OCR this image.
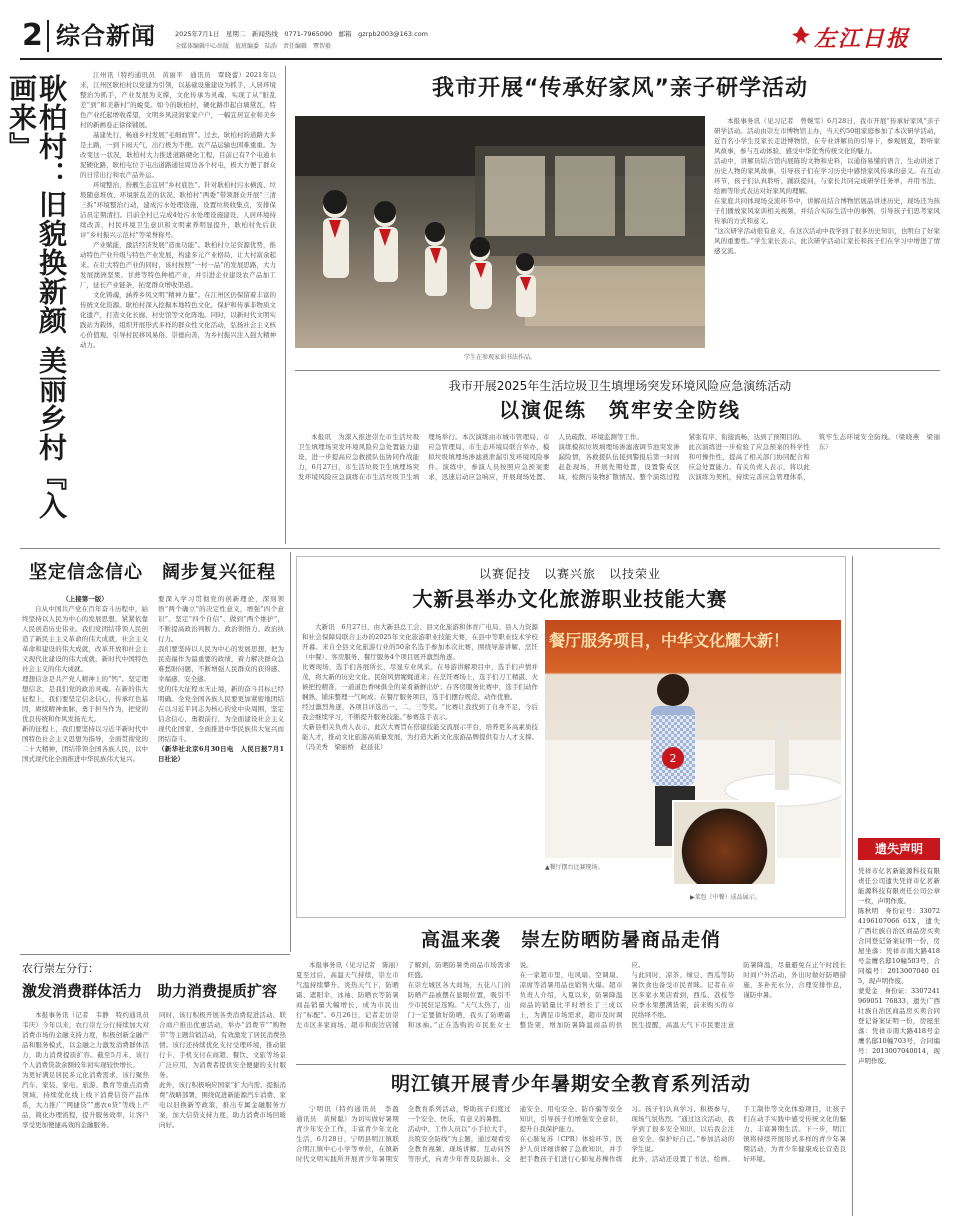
2 综合新闻	2025年7月1日　星期二　新闻热线　0771-7965090　邮箱　gzrpb2003@163.com
全媒体编辑中心出版　值班编委　陆浩　责任编辑　覃智毅	左江日报
耿柏村：旧貌换新颜 美丽乡村『入画来』	江州讯（特约通讯员　黄丽平　通讯员　覃晓蕾）2021年以来，江州区耿柏村以党建为引领，以基础设施建设为抓手，人居环境整治为抓手，产业发展为支撑，文化传承为灵魂，实现了从“脏乱差”到“和美新村”的蜕变。如今的耿柏村，硬化路串起白墙黛瓦，特色产业托起增收希望，文明乡风浸润家家户户，一幅宜居宜业和美乡村的新画卷正徐徐铺展。

基建先行，畅通乡村发展“毛细血管”。过去，耿柏村的道路大多是土路，一到下雨天气，出行极为不便。农产品运输也困难重重。为改变这一状况，耿柏村大力推进道路硬化工程，目前已有7个屯通水泥硬化路，耿柏屯位于屯出道路通往周边各个村屯，极大方便了群众的日常出行和农产品外运。

环境整治，扮靓生态宜居“乡村底色”。针对耿柏村污水横流、垃圾随意堆放、环境脏乱差的状况，耿柏村“两委”带领群众开展“三清三拆”环境整治行动，建成污水处理设施，设置垃圾收集点，安排保洁员定期清扫。目前全村已完成4处污水处理设施建设、人居环境持续改善，村民环境卫生意识和文明素养明显提升，耿柏村先后获评“乡村振兴示范村”等荣誉称号。

产业赋能，激活经济发展“造血功能”。耿柏村立足资源优势，推动特色产业升级与特色产业发展，构建多元产业格局，让大村富余起来。在壮大特色产业的同时，该村按照“一村一品”的发展思路，大力发展澳洲坚果、甘蔗等特色种植产业，并引进企业建设农产品加工厂，延长产业链条，拓宽群众增收渠道。

文化铸魂，涵养乡风文明“精神力量”。在江州区仍保留着丰富的传统文化资源。耿柏村深入挖掘本地特色文化，保护和传承非物质文化遗产，打造文化长廊、村史馆等文化阵地。同时，以新时代文明实践站为载体，组织开展形式多样的群众性文化活动，弘扬社会主义核心价值观，引导村民移风易俗、崇德向善，为乡村振兴注入强大精神动力。

我市开展“传承好家风”亲子研学活动
学生在参观家训书法作品。
本报事务讯（见习记者　曾婉雯）6月28日，我市开展“传承好家风”亲子研学活动。活动由崇左市博物馆主办，当天约50组家庭参加了本次研学活动，近百名小学生及家长走进博物馆，在专业讲解员的引导下，参观展览，聆听家风故事，参与互动体验，感受中华优秀传统文化的魅力。
活动中，讲解员结合馆内展陈的文物和史料，以通俗易懂的语言，生动讲述了历史人物的家风故事，引导孩子们在学习历史中感悟家风传承的意义。在互动环节，孩子们认真聆听、踊跃提问，与家长共同完成研学任务单，并用书法、绘画等形式表达对好家风的理解。
在家庭共同体现场交流环节中，讲解员结合博物馆展品讲述历史，现场还为孩子们播放家风家训相关视频，并结合实际生活中的事例，引导孩子们思考家风传承的方式和意义。
“这次研学活动很有意义，在这次活动中我学到了很多历史知识，也明白了好家风的重要性。”学生家长表示，此次研学活动让家长和孩子们在学习中增进了情感交流。
我市开展2025年生活垃圾卫生填埋场突发环境风险应急演练活动
以演促练　筑牢安全防线
本报讯　为深入推进崇左市生活垃圾卫生填埋场突发环境风险应急处置能力建设，进一步提高应急救援队伍协同作战能力，6月27日，市生活垃圾卫生填埋场突发环境风险应急演练在市生活垃圾卫生填埋场举行。本次演练由市城市管理局、市应急管理局、市生态环境局联合举办，模拟垃圾填埋场渗滤液泄漏引发环境风险事件。演练中，参演人员按照应急预案要求，迅速启动应急响应，开展现场处置、人员疏散、环境监测等工作。
演练模拟垃圾填埋场渗滤液调节池突发渗漏险情，各救援队伍接到警报后第一时间赶赴现场，开展先期处置，设置警戒区域，检测污染物扩散情况。整个演练过程紧张有序、衔接流畅，达到了预期目的。
此次演练进一步检验了应急预案的科学性和可操作性，提高了相关部门协同配合和应急处置能力。有关负责人表示，将以此次演练为契机，持续完善应急管理体系，筑牢生态环境安全防线。（梁晓燕　梁丽东）
坚定信念信心　阔步复兴征程

（上接第一版）

自从中国共产党在百年奋斗历程中，始终坚持以人民为中心的发展思想，紧紧依靠人民创造历史伟业。我们党团结带领人民创造了新民主主义革命的伟大成就，社会主义革命和建设的伟大成就，改革开放和社会主义现代化建设的伟大成就，新时代中国特色社会主义的伟大成就。
理想信念是共产党人精神上的“钙”。坚定理想信念，是我们党的政治灵魂。在新的伟大征程上，我们要坚定信念信心，传承红色基因，赓续精神血脉，勇于担当作为，把党的优良传统和作风发扬光大。
新的征程上，我们要坚持以习近平新时代中国特色社会主义思想为指导，全面贯彻党的二十大精神，团结带领全国各族人民，以中国式现代化全面推进中华民族伟大复兴。
要深入学习贯彻党的创新理论，深刻领悟“两个确立”的决定性意义，增强“四个意识”、坚定“四个自信”、做到“两个维护”，不断提高政治判断力、政治领悟力、政治执行力。
我们要坚持以人民为中心的发展思想，把为民造福作为最重要的政绩，着力解决群众急难愁盼问题，不断增强人民群众的获得感、幸福感、安全感。
党的伟大征程永无止境，新的奋斗目标已经明确。全党全国各族人民要更加紧密地团结在以习近平同志为核心的党中央周围，坚定信念信心，勇毅前行，为全面建设社会主义现代化国家、全面推进中华民族伟大复兴而团结奋斗。

（新华社北京6月30日电　人民日报7月1日社论）

以赛促技　以赛兴旅　以技荣业
大新县举办文化旅游职业技能大赛
大新讯　6月27日，由大新县总工会、县文化旅游和体育广电局、县人力资源和社会保障局联合主办的2025年文化旅游职业技能大赛，在县中等职业技术学校开幕。来自全县文化旅游行业的50余名选手参加本次比赛，围绕导游讲解、烹饪（中餐）、客房服务、餐厅服务4个项目展开激烈角逐。
比赛现场，选手们各展所长、尽显专业风采。在导游讲解项目中，选手们声情并茂，将大新的历史文化、民俗风情娓娓道来；在烹饪赛场上，选手们刀工精湛、火候把控精准，一道道色香味俱全的菜肴新鲜出炉；在客房服务比赛中，选手们动作娴熟，铺床整理一气呵成；在餐厅服务项目，选手们摆台规范、动作优雅。
经过激烈角逐，各项目评选出一、二、三等奖。“比赛让我找到了自身不足，今后我会继续学习，不断提升服务技能。”参赛选手表示。
大新县相关负责人表示，此次大赛旨在搭建技能交流展示平台，培养更多高素质技能人才，推动文化旅游高质量发展，为打造大新文化旅游品牌提供有力人才支撑。（冯美秀　梁丽桥　赵延花）
餐厅服务项目，中华文化耀大新！
2
▲餐厅摆台比赛现场。
▶菜包（中餐）成品展示。
遗失声明
凭祥市亿茗新能源科技有限责任公司遗失凭祥市亿茗新能源科技有限责任公司公章一枚，声明作废。
陈秋明　身份证号：330724196107066 61X，遗失广西壮族自治区商品房买卖合同登记备案证明一份，房屋坐落：凭祥市南大路418号金鹰名邸10幢503号，合同编号：2013007040 015，现声明作废。
蒙爱金　身份证：3307241969051 76833，遗失广西壮族自治区商品房买卖合同登记备案证明一份，房屋坐落：凭祥市南大路418号金鹰名邸10幢703号，合同编号：2013007040014，现声明作废。
高温来袭　崇左防晒防暑商品走俏
本报事务讯（见习记者　陈丽）夏至过后，高温天气持续，崇左市气温持续攀升。炎热天气下，防晒霜、遮阳伞、冰袖、防晒衣等防暑商品销量大幅增长，成为市民出行“标配”。6月26日，记者走访崇左市区多家商场、超市和街边店铺了解到，防晒防暑类商品市场需求旺盛。
在崇左城区各大商场，五花八门的防晒产品被摆在显眼位置，吸引不少市民驻足选购。“天气太热了，出门一定要做好防晒，我买了防晒霜和冰袖。”正在选购的市民张女士说。
在一家超市里，电风扇、空调扇、凉席等消暑用品也销售火爆。超市负责人介绍，入夏以来，防暑降温商品的销量比平时增长了三成以上，为满足市场需求，超市及时调整货架，增加防暑降温商品的供应。
与此同时，凉茶、绿豆、西瓜等防暑饮食也备受市民青睐。记者在市区多家水果店看到，西瓜、荔枝等应季水果摆满货架，前来购买的市民络绎不绝。
医生提醒，高温天气下市民要注意防暑降温，尽量避免在正午时段长时间户外活动，外出时做好防晒措施，多补充水分，合理安排作息，谨防中暑。
农行崇左分行：
激发消费群体活力　助力消费提质扩容
本报事务讯（记者　韦静　特约通讯员　韦庆）今年以来，农行崇左分行持续加大对消费市场的金融支持力度，积极创新金融产品和服务模式，以金融之力激发消费群体活力，助力消费提质扩容。截至5月末，该行个人消费贷款余额较年初实现较快增长。
为更好满足居民多元化消费需求，该行聚焦汽车、家装、家电、旅游、教育等重点消费领域，持续优化线上线下消费信贷产品体系，大力推广“网捷贷”“惠农e贷”等线上产品，简化办理流程，提升服务效率，让客户享受更加便捷高效的金融服务。
同时，该行积极开展各类消费促进活动，联合商户推出优惠活动，举办“消费节”“购物节”等主题营销活动，有效激发了居民消费热情。该行还持续优化支付受理环境，推动银行卡、手机支付在商超、餐饮、文旅等场景广泛应用，为消费者提供安全便捷的支付服务。
此外，该行积极响应国家“扩大内需、提振消费”战略部署，围绕促进新能源汽车消费、家电以旧换新等政策，推出专属金融服务方案，加大信贷支持力度，助力消费市场回暖向好。
明江镇开展青少年暑期安全教育系列活动
宁明讯（特约通讯员　李盈　通讯员　黄树聪）为切实做好暑期青少年安全工作，丰富青少年文化生活，6月28日，宁明县明江镇联合明江镇中心小学等单位，在镇新时代文明实践所开展青少年暑期安全教育系列活动，帮助孩子们度过一个安全、快乐、有意义的暑假。
活动中，工作人员以“小手拉大手，共筑安全防线”为主题，通过观看安全教育视频、现场讲解、互动问答等形式，向青少年普及防溺水、交通安全、用电安全、防诈骗等安全知识，引导孩子们增强安全意识，提升自我保护能力。
在心肺复苏（CPR）体验环节，医护人员详细讲解了急救知识，并手把手教孩子们进行心肺复苏操作练习。孩子们认真学习、积极参与，现场气氛热烈。“通过这次活动，我学到了很多安全知识，以后我会注意安全，保护好自己。”参加活动的学生说。
此外，活动还设置了书法、绘画、手工制作等文化体验项目，让孩子们在动手实践中感受传统文化的魅力，丰富暑期生活。下一步，明江镇将持续开展形式多样的青少年暑期活动，为青少年健康成长营造良好环境。
